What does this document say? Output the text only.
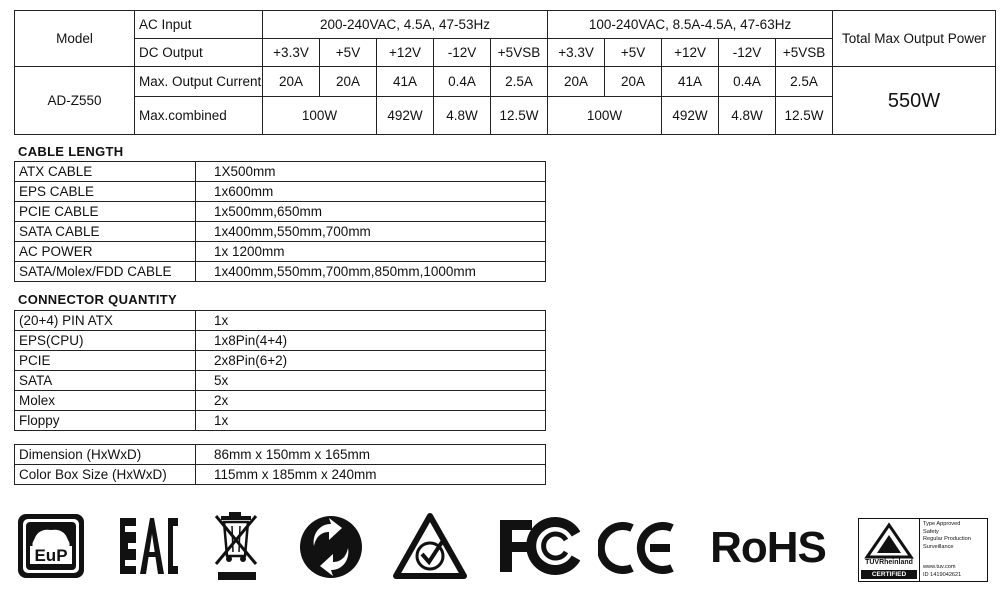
Model	AC Input	200-240VAC, 4.5A, 47-53Hz					100-240VAC, 8.5A-4.5A, 47-63Hz					Total Max Output Power
	DC Output	+3.3V	+5V	+12V	-12V	+5VSB	+3.3V	+5V	+12V	-12V	+5VSB	
AD-Z550	Max. Output Current	20A	20A	41A	0.4A	2.5A	20A	20A	41A	0.4A	2.5A	550W
	Max.combined	100W		492W	4.8W	12.5W	100W		492W	4.8W	12.5W	
CABLE LENGTH
ATX CABLE	1X500mm
EPS CABLE	1x600mm
PCIE CABLE	1x500mm,650mm
SATA CABLE	1x400mm,550mm,700mm
AC POWER	1x 1200mm
SATA/Molex/FDD CABLE	1x400mm,550mm,700mm,850mm,1000mm
CONNECTOR QUANTITY
(20+4) PIN ATX	1x
EPS(CPU)	1x8Pin(4+4)
PCIE	2x8Pin(6+2)
SATA	5x
Molex	2x
Floppy	1x
Dimension (HxWxD)	86mm x 150mm x 165mm
Color Box Size (HxWxD)	115mm x 185mm x 240mm
EuP
EAC
FC
CE
RoHS	TÜVRheinland
CERTIFIED
Type Approved
Safety
Regular Production
Surveillance
www.tuv.com
ID 1419042621
